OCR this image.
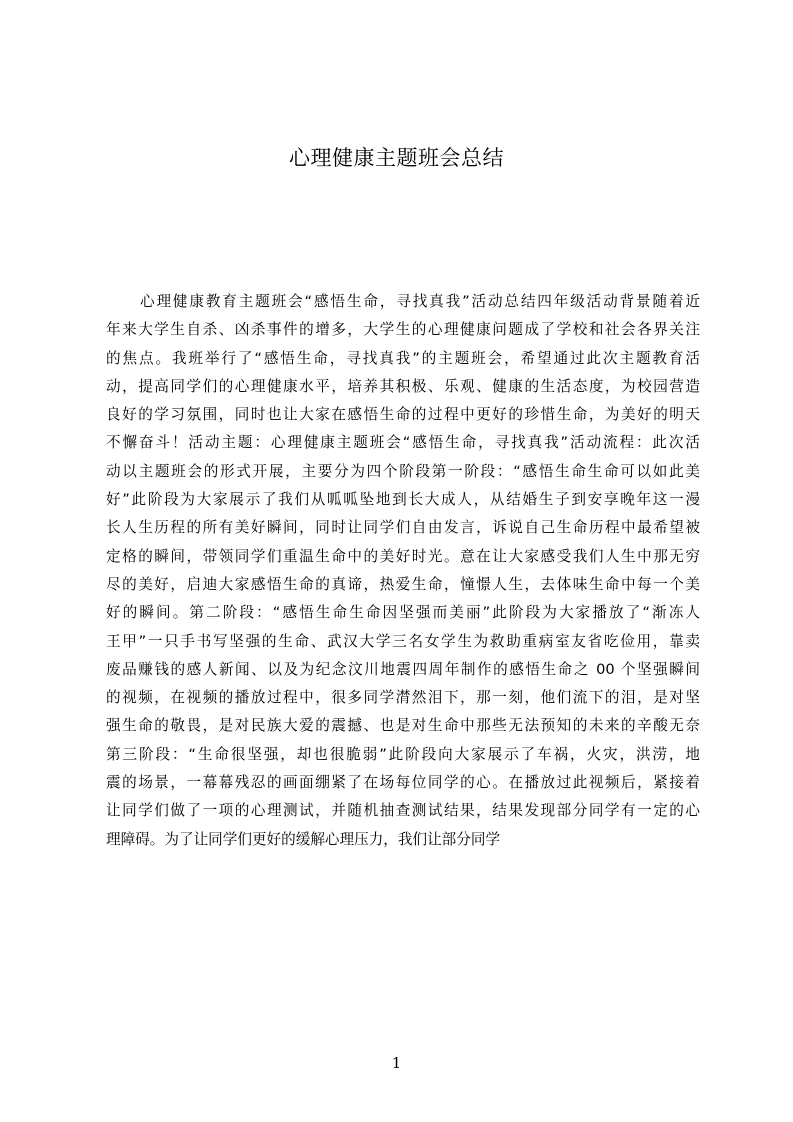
心理健康主题班会总结
心理健康教育主题班会“感悟生命，寻找真我”活动总结四年级活动背景随着近
年来大学生自杀、凶杀事件的增多，大学生的心理健康问题成了学校和社会各界关注
的焦点。我班举行了“感悟生命，寻找真我”的主题班会，希望通过此次主题教育活
动，提高同学们的心理健康水平，培养其积极、乐观、健康的生活态度，为校园营造
良好的学习氛围，同时也让大家在感悟生命的过程中更好的珍惜生命，为美好的明天
不懈奋斗！活动主题：心理健康主题班会“感悟生命，寻找真我”活动流程：此次活
动以主题班会的形式开展，主要分为四个阶段第一阶段：“感悟生命生命可以如此美
好”此阶段为大家展示了我们从呱呱坠地到长大成人，从结婚生子到安享晚年这一漫
长人生历程的所有美好瞬间，同时让同学们自由发言，诉说自己生命历程中最希望被
定格的瞬间，带领同学们重温生命中的美好时光。意在让大家感受我们人生中那无穷
尽的美好，启迪大家感悟生命的真谛，热爱生命，憧憬人生，去体味生命中每一个美
好的瞬间。第二阶段：“感悟生命生命因坚强而美丽”此阶段为大家播放了“渐冻人
王甲”一只手书写坚强的生命、武汉大学三名女学生为救助重病室友省吃俭用，靠卖
废品赚钱的感人新闻、以及为纪念汶川地震四周年制作的感悟生命之 00 个坚强瞬间
的视频，在视频的播放过程中，很多同学潸然泪下，那一刻，他们流下的泪，是对坚
强生命的敬畏，是对民族大爱的震撼、也是对生命中那些无法预知的未来的辛酸无奈
第三阶段：“生命很坚强，却也很脆弱”此阶段向大家展示了车祸，火灾，洪涝，地
震的场景，一幕幕残忍的画面绷紧了在场每位同学的心。在播放过此视频后，紧接着
让同学们做了一项的心理测试，并随机抽查测试结果，结果发现部分同学有一定的心
理障碍。为了让同学们更好的缓解心理压力，我们让部分同学
1
